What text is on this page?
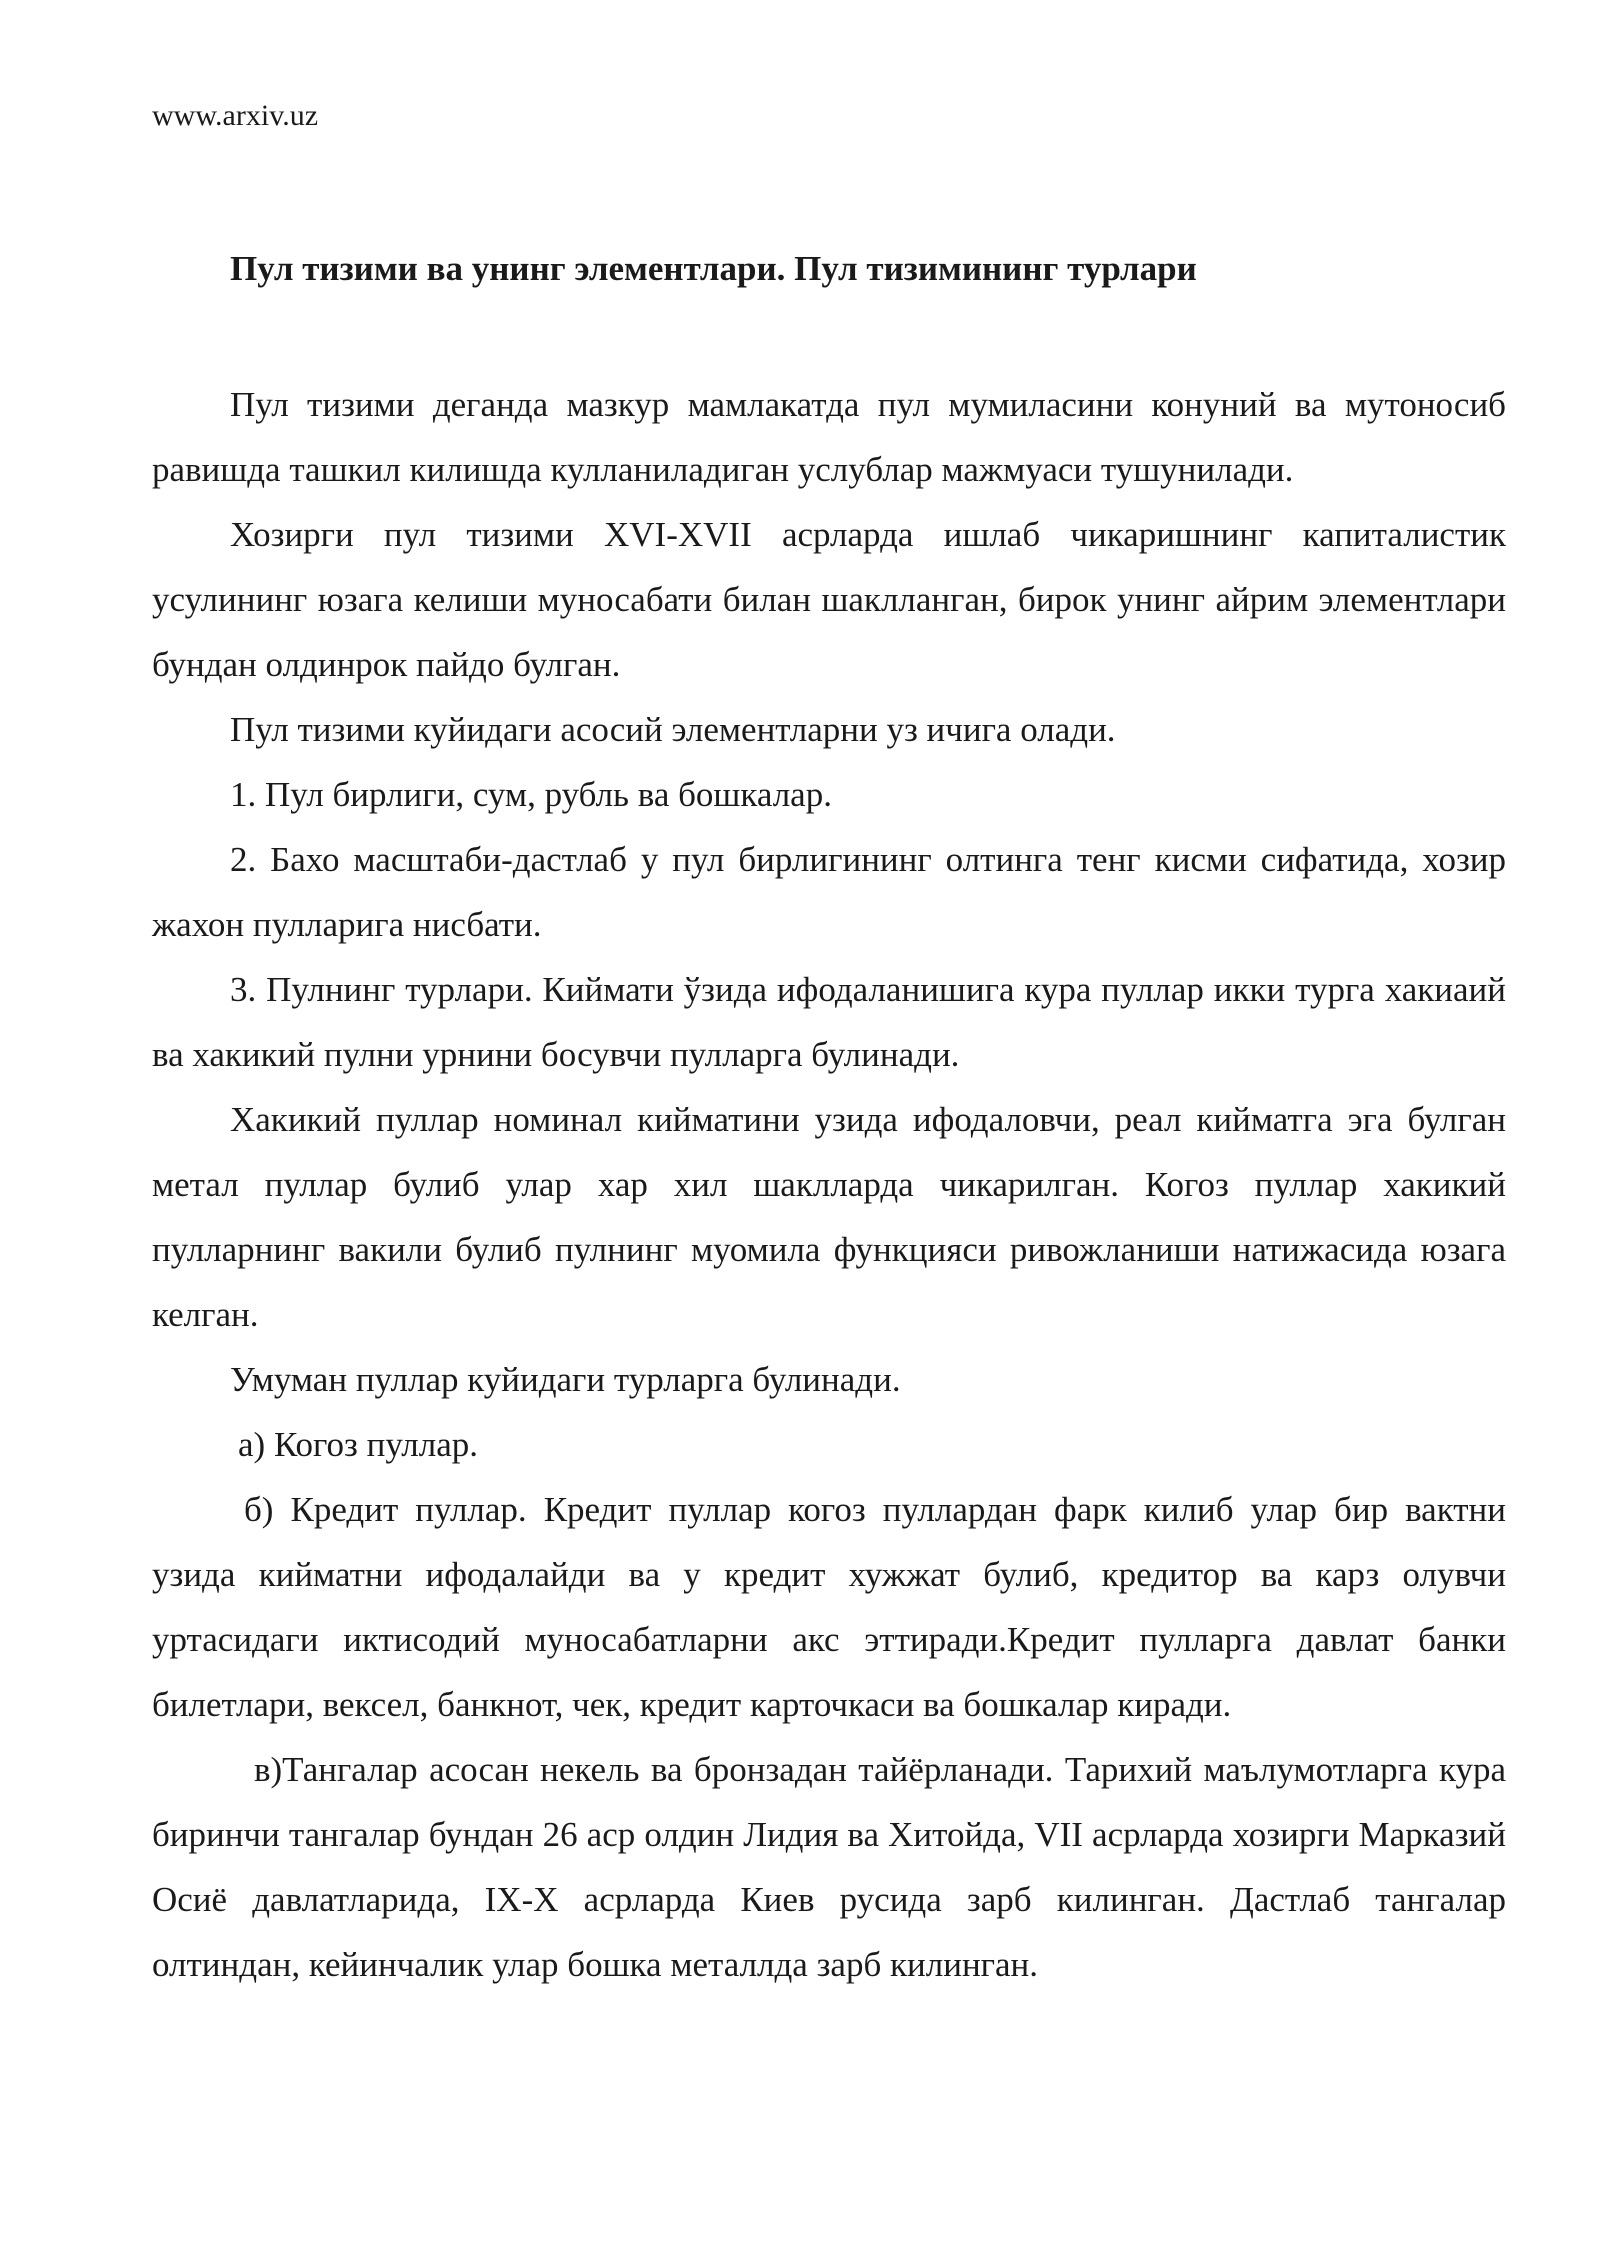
www.arxiv.uz
Пул тизими ва унинг элементлари. Пул тизимининг турлари

Пул тизими деганда мазкур мамлакатда пул мумиласини конуний ва мутоносиб равишда ташкил килишда кулланиладиган услублар мажмуаси тушунилади.

Хозирги пул тизими XVI-XVII асрларда ишлаб чикаришнинг капиталистик усулининг юзага келиши муносабати билан шаклланган, бирок унинг айрим элементлари бундан олдинрок пайдо булган.

Пул тизими куйидаги асосий элементларни уз ичига олади.

1. Пул бирлиги, сум, рубль ва бошкалар.

2. Бахо масштаби-дастлаб у пул бирлигининг олтинга тенг кисми сифатида, хозир жахон пулларига нисбати.

3. Пулнинг турлари. Киймати ўзида ифодаланишига кура пуллар икки турга хакиаий ва хакикий пулни урнини босувчи пулларга булинади.

Хакикий пуллар номинал кийматини узида ифодаловчи, реал кийматга эга булган метал пуллар булиб улар хар хил шаклларда чикарилган. Когоз пуллар хакикий пулларнинг вакили булиб пулнинг муомила функцияси ривожланиши натижасида юзага келган.

Умуман пуллар куйидаги турларга булинади.

а) Когоз пуллар.

б) Кредит пуллар. Кредит пуллар когоз пуллардан фарк килиб улар бир вактни узида кийматни ифодалайди ва у кредит хужжат булиб, кредитор ва карз олувчи уртасидаги иктисодий муносабатларни акс эттиради.Кредит пулларга давлат банки билетлари, вексел, банкнот, чек, кредит карточкаси ва бошкалар киради.

в)Тангалар асосан некель ва бронзадан тайёрланади. Тарихий маълумотларга кура биринчи тангалар бундан 26 аср олдин Лидия ва Хитойда, VII асрларда хозирги Марказий Осиё давлатларида, IX-X асрларда Киев русида зарб килинган. Дастлаб тангалар олтиндан, кейинчалик улар бошка металлда зарб килинган.
